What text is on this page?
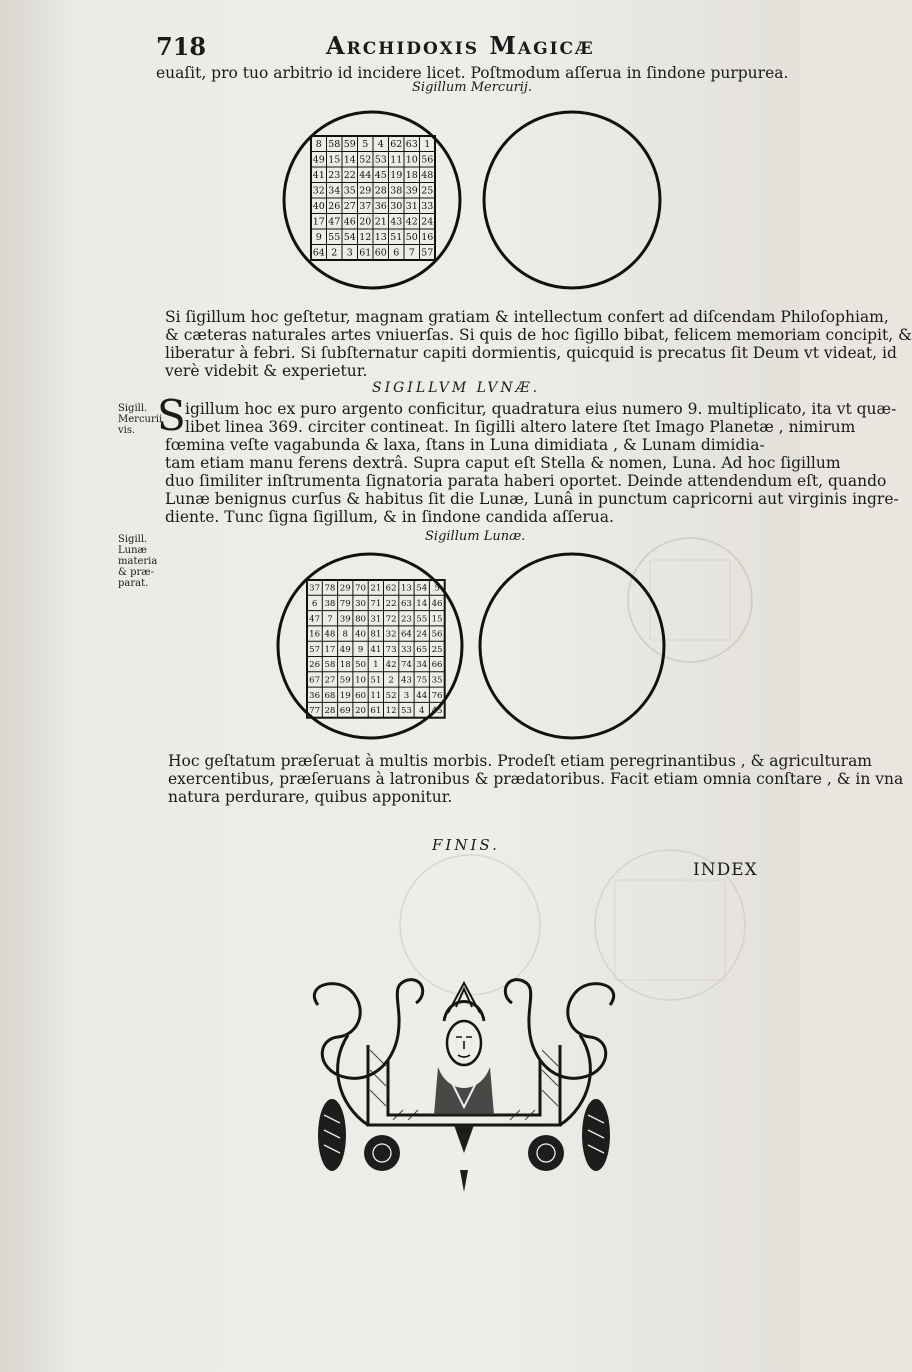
718	Archidoxis Magicæ
euaſit, pro tuo arbitrio id incidere licet. Poſtmodum aſſerua in ſindone purpurea.
Sigillum Mercurij.
8 58 59 5 4 62 63 1
49 15 14 52 53 11 10 56
41 23 22 44 45 19 18 48
32 34 35 29 28 38 39 25
40 26 27 37 36 30 31 33
17 47 46 20 21 43 42 24
9 55 54 12 13 51 50 16
64 2 3 61 60 6 7 57
Si ſigillum hoc geſtetur, magnam gratiam & intellectum confert ad diſcendam Philoſophiam,
& cæteras naturales artes vniuerſas. Si quis de hoc ſigillo bibat, felicem memoriam concipit, &
liberatur à febri. Si ſubſternatur capiti dormientis, quicquid is precatus ſit Deum vt videat, id
verè videbit & experietur.
SIGILLVM LVNÆ.
Sigill.
Mercurii
vis.
Sigill.
Lunæ
materia
& præ-
parat.
S igillum hoc ex puro argento conficitur, quadratura eius numero 9. multiplicato, ita vt quæ-
libet linea 369. circiter contineat. In ſigilli altero latere ſtet Imago Planetæ , nimirum
fœmina veſte vagabunda & laxa, ſtans in Luna dimidiata , & Lunam dimidia-
tam etiam manu ferens dextrâ. Supra caput eſt Stella & nomen, Luna. Ad hoc ſigillum
duo ſimiliter inſtrumenta ſignatoria parata haberi oportet. Deinde attendendum eſt, quando
Lunæ benignus curſus & habitus ſit die Lunæ, Lunâ in punctum capricorni aut virginis ingre-
diente. Tunc ſigna ſigillum, & in ſindone candida aſſerua.
Sigillum Lunæ.
37 78 29 70 21 62 13 54 5
6 38 79 30 71 22 63 14 46
47 7 39 80 31 72 23 55 15
16 48 8 40 81 32 64 24 56
57 17 49 9 41 73 33 65 25
26 58 18 50 1 42 74 34 66
67 27 59 10 51 2 43 75 35
36 68 19 60 11 52 3 44 76
77 28 69 20 61 12 53 4 45
Hoc geſtatum præſeruat à multis morbis. Prodeſt etiam peregrinantibus , & agriculturam
exercentibus, præſeruans à latronibus & prædatoribus. Facit etiam omnia conſtare , & in vna
natura perdurare, quibus apponitur.
FINIS.
INDEX
